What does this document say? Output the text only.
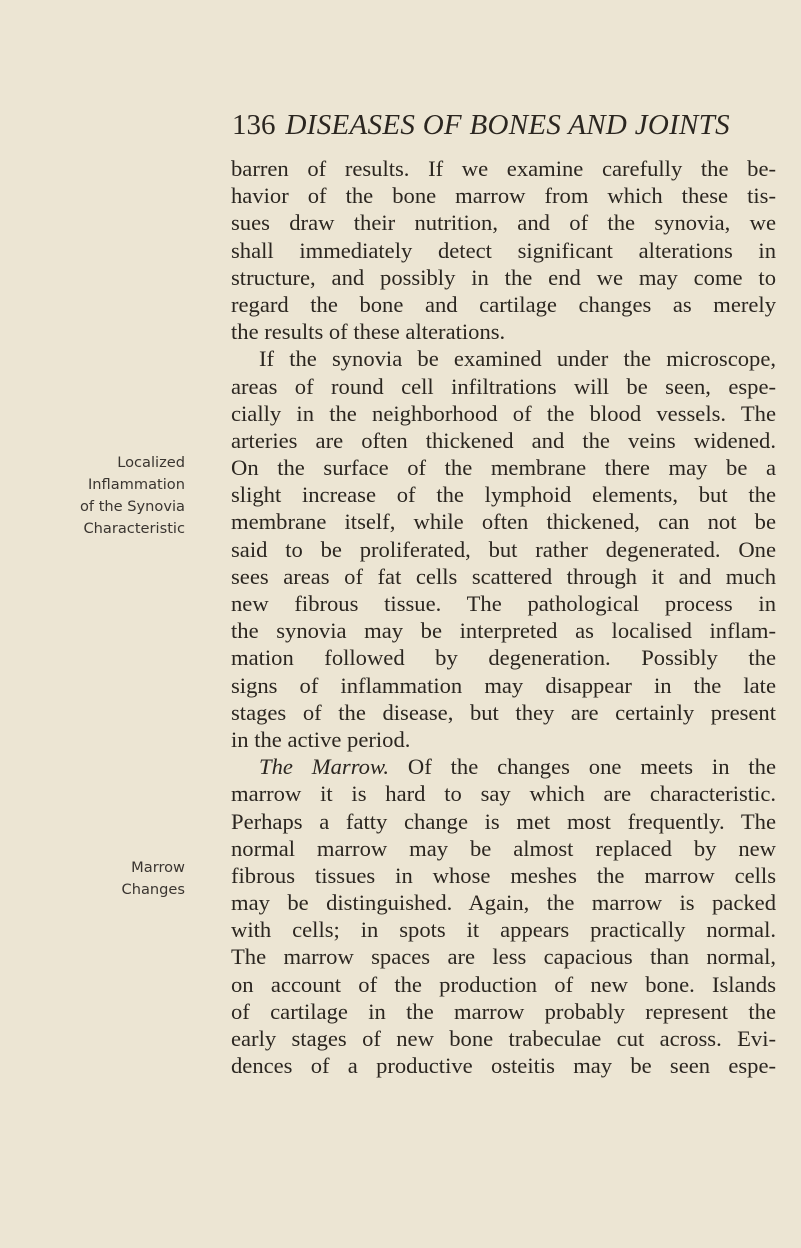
136 DISEASES OF BONES AND JOINTS
Localized
Inflammation
of the Synovia
Characteristic
Marrow
Changes
barren of results. If we examine carefully the be-
havior of the bone marrow from which these tis-
sues draw their nutrition, and of the synovia, we
shall immediately detect significant alterations in
structure, and possibly in the end we may come to
regard the bone and cartilage changes as merely
the results of these alterations.
If the synovia be examined under the microscope,
areas of round cell infiltrations will be seen, espe-
cially in the neighborhood of the blood vessels. The
arteries are often thickened and the veins widened.
On the surface of the membrane there may be a
slight increase of the lymphoid elements, but the
membrane itself, while often thickened, can not be
said to be proliferated, but rather degenerated. One
sees areas of fat cells scattered through it and much
new fibrous tissue. The pathological process in
the synovia may be interpreted as localised inflam-
mation followed by degeneration. Possibly the
signs of inflammation may disappear in the late
stages of the disease, but they are certainly present
in the active period.
The Marrow. Of the changes one meets in the
marrow it is hard to say which are characteristic.
Perhaps a fatty change is met most frequently. The
normal marrow may be almost replaced by new
fibrous tissues in whose meshes the marrow cells
may be distinguished. Again, the marrow is packed
with cells; in spots it appears practically normal.
The marrow spaces are less capacious than normal,
on account of the production of new bone. Islands
of cartilage in the marrow probably represent the
early stages of new bone trabeculae cut across. Evi-
dences of a productive osteitis may be seen espe-
